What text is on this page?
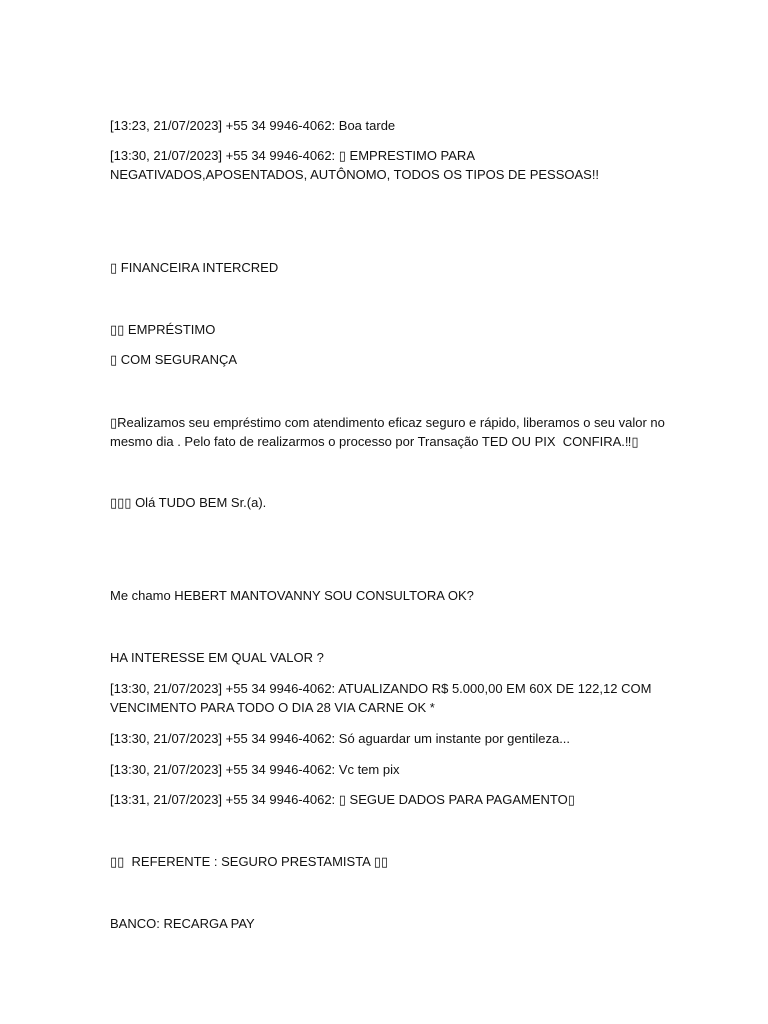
[13:23, 21/07/2023] +55 34 9946-4062: Boa tarde

[13:30, 21/07/2023] +55 34 9946-4062: ▯ EMPRESTIMO PARA NEGATIVADOS,APOSENTADOS, AUTÔNOMO, TODOS OS TIPOS DE PESSOAS!!

▯ FINANCEIRA INTERCRED

▯▯ EMPRÉSTIMO

▯ COM SEGURANÇA

▯Realizamos seu empréstimo com atendimento eficaz seguro e rápido, liberamos o seu valor no mesmo dia . Pelo fato de realizarmos o processo por Transação TED OU PIX  CONFIRA.‼▯

▯▯▯ Olá TUDO BEM Sr.(a).

Me chamo HEBERT MANTOVANNY SOU CONSULTORA OK?

HA INTERESSE EM QUAL VALOR ?

[13:30, 21/07/2023] +55 34 9946-4062: ATUALIZANDO R$ 5.000,00 EM 60X DE 122,12 COM VENCIMENTO PARA TODO O DIA 28 VIA CARNE OK *

[13:30, 21/07/2023] +55 34 9946-4062: Só aguardar um instante por gentileza...

[13:30, 21/07/2023] +55 34 9946-4062: Vc tem pix

[13:31, 21/07/2023] +55 34 9946-4062: ▯ SEGUE DADOS PARA PAGAMENTO▯

▯▯  REFERENTE : SEGURO PRESTAMISTA ▯▯

BANCO: RECARGA PAY
